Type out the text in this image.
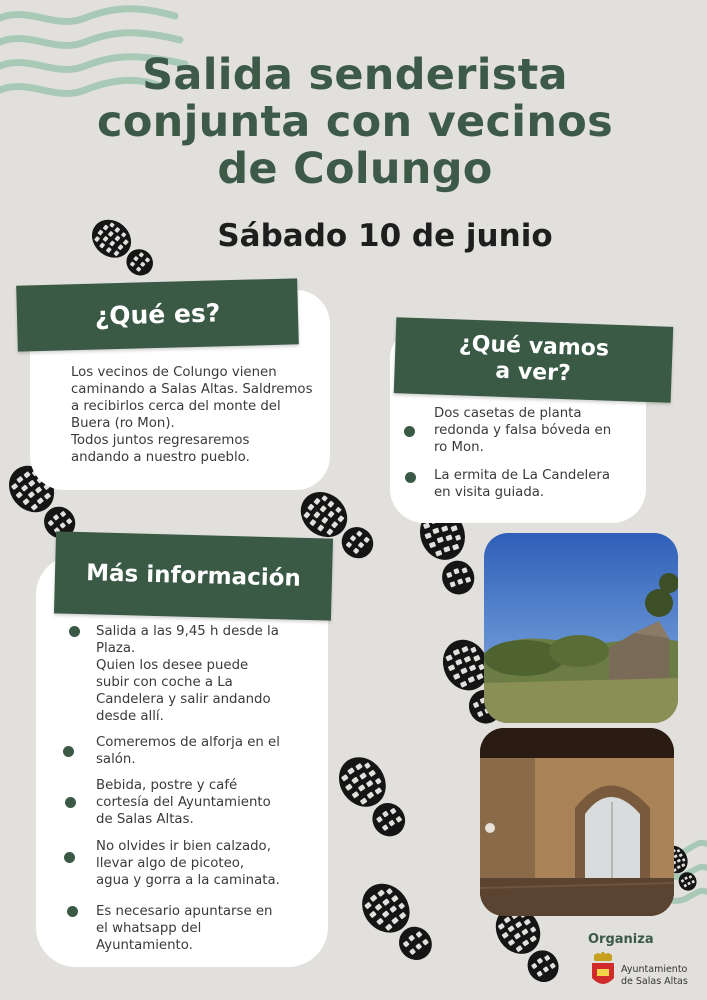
Salida senderista
conjunta con vecinos
de Colungo
Sábado 10 de junio
¿Qué es?
Los vecinos de Colungo vienen
caminando a Salas Altas. Saldremos
a recibirlos cerca del monte del
Buera (ro Mon).
Todos juntos regresaremos
andando a nuestro pueblo.
¿Qué vamos
a ver?
Dos casetas de planta
redonda y falsa bóveda en
ro Mon.
La ermita de La Candelera
en visita guiada.
Más información
Salida a las 9,45 h desde la
Plaza.
Quien los desee puede
subir con coche a La
Candelera y salir andando
desde allí.
Comeremos de alforja en el
salón.
Bebida, postre y café
cortesía del Ayuntamiento
de Salas Altas.
No olvides ir bien calzado,
llevar algo de picoteo,
agua y gorra a la caminata.
Es necesario apuntarse en
el whatsapp del
Ayuntamiento.	Organiza
Ayuntamiento
de Salas Altas
